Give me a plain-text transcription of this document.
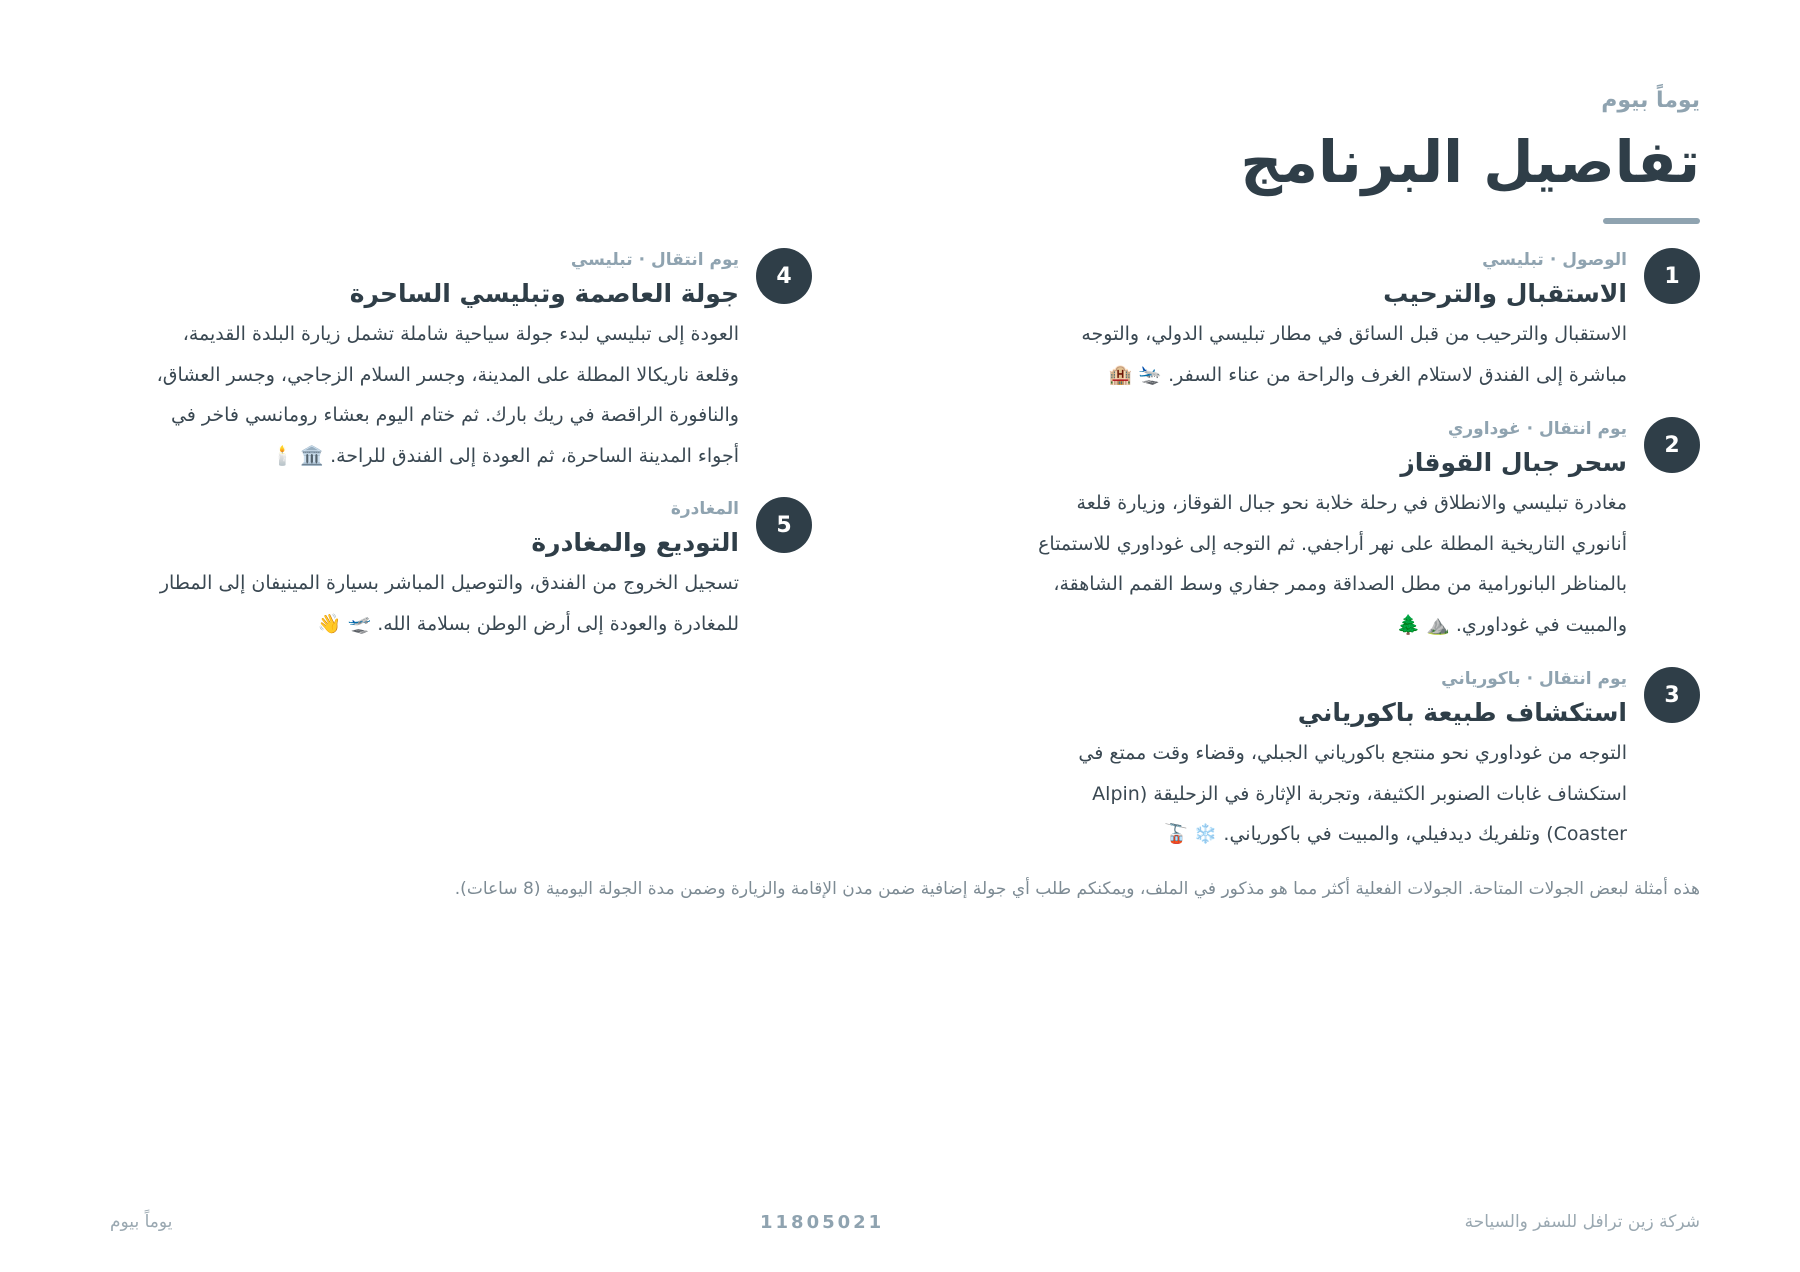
يوماً بيوم
تفاصيل البرنامج
1
الوصول·تبليسي
الاستقبال والترحيب

الاستقبال والترحيب من قبل السائق في مطار تبليسي الدولي، والتوجه مباشرة إلى الفندق لاستلام الغرف والراحة من عناء السفر.🛬 🏨

2
يوم انتقال·غوداوري
سحر جبال القوقاز

مغادرة تبليسي والانطلاق في رحلة خلابة نحو جبال القوقاز، وزيارة قلعة أنانوري التاريخية المطلة على نهر أراجفي. ثم التوجه إلى غوداوري للاستمتاع بالمناظر البانورامية من مطل الصداقة وممر جفاري وسط القمم الشاهقة، والمبيت في غوداوري.⛰️ 🌲

3
يوم انتقال·باكورياني
استكشاف طبيعة باكورياني

التوجه من غوداوري نحو منتجع باكورياني الجبلي، وقضاء وقت ممتع في استكشاف غابات الصنوبر الكثيفة، وتجربة الإثارة في الزحليقة (Alpin Coaster) وتلفريك ديدفيلي، والمبيت في باكورياني.❄️ 🚡

4
يوم انتقال·تبليسي
جولة العاصمة وتبليسي الساحرة

العودة إلى تبليسي لبدء جولة سياحية شاملة تشمل زيارة البلدة القديمة، وقلعة ناريكالا المطلة على المدينة، وجسر السلام الزجاجي، وجسر العشاق، والنافورة الراقصة في ريك بارك. ثم ختام اليوم بعشاء رومانسي فاخر في أجواء المدينة الساحرة، ثم العودة إلى الفندق للراحة.🏛️ 🕯️

5
المغادرة
التوديع والمغادرة

تسجيل الخروج من الفندق، والتوصيل المباشر بسيارة المينيفان إلى المطار للمغادرة والعودة إلى أرض الوطن بسلامة الله.🛫 👋

هذه أمثلة لبعض الجولات المتاحة. الجولات الفعلية أكثر مما هو مذكور في الملف، ويمكنكم طلب أي جولة إضافية ضمن مدن الإقامة والزيارة وضمن مدة الجولة اليومية (8 ساعات).

شركة زين ترافل للسفر والسياحة
11805021
يوماً بيوم
